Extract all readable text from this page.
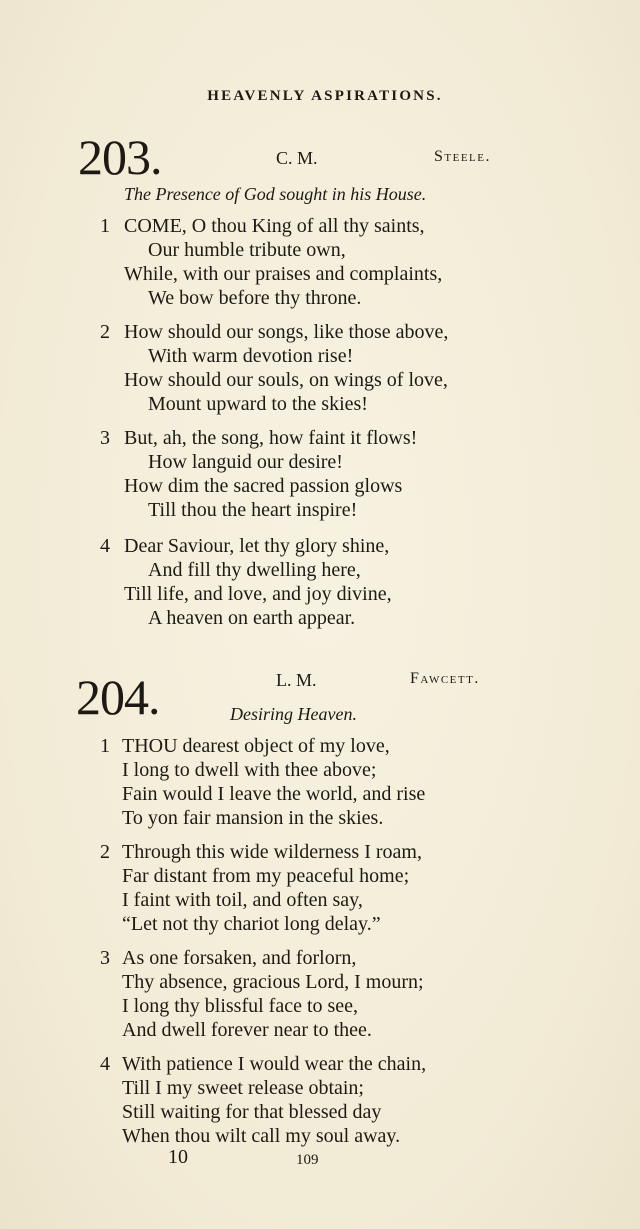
HEAVENLY ASPIRATIONS.
203.	C. M.	Steele.
The Presence of God sought in his House.
1 COME, O thou King of all thy saints,
Our humble tribute own,
While, with our praises and complaints,
We bow before thy throne.
2 How should our songs, like those above,
With warm devotion rise!
How should our souls, on wings of love,
Mount upward to the skies!
3 But, ah, the song, how faint it flows!
How languid our desire!
How dim the sacred passion glows
Till thou the heart inspire!
4 Dear Saviour, let thy glory shine,
And fill thy dwelling here,
Till life, and love, and joy divine,
A heaven on earth appear.
204.	L. M.	Fawcett.
Desiring Heaven.
1 THOU dearest object of my love,
I long to dwell with thee above;
Fain would I leave the world, and rise
To yon fair mansion in the skies.
2 Through this wide wilderness I roam,
Far distant from my peaceful home;
I faint with toil, and often say,
“Let not thy chariot long delay.”
3 As one forsaken, and forlorn,
Thy absence, gracious Lord, I mourn;
I long thy blissful face to see,
And dwell forever near to thee.
4 With patience I would wear the chain,
Till I my sweet release obtain;
Still waiting for that blessed day
When thou wilt call my soul away.
10	109
